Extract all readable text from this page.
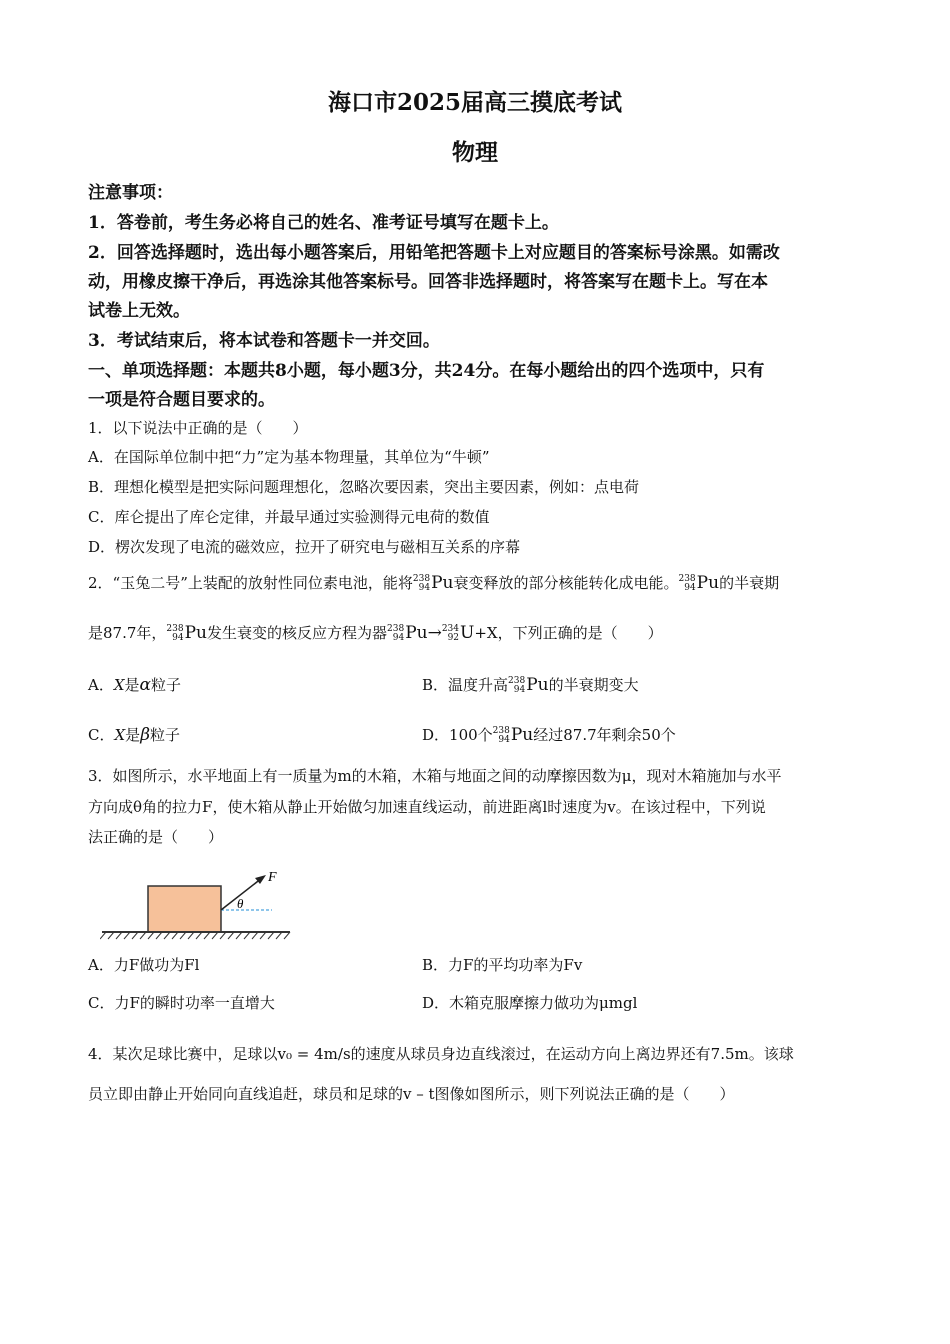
海口市2025届高三摸底考试
物理
注意事项：
1．答卷前，考生务必将自己的姓名、准考证号填写在题卡上。
2．回答选择题时，选出每小题答案后，用铅笔把答题卡上对应题目的答案标号涂黑。如需改
动，用橡皮擦干净后，再选涂其他答案标号。回答非选择题时，将答案写在题卡上。写在本
试卷上无效。
3．考试结束后，将本试卷和答题卡一并交回。
一、单项选择题：本题共8小题，每小题3分，共24分。在每小题给出的四个选项中，只有
一项是符合题目要求的。
1．以下说法中正确的是（　　）
A．在国际单位制中把“力”定为基本物理量，其单位为“牛顿”
B．理想化模型是把实际问题理想化，忽略次要因素，突出主要因素，例如：点电荷
C．库仑提出了库仑定律，并最早通过实验测得元电荷的数值
D．楞次发现了电流的磁效应，拉开了研究电与磁相互关系的序幕
2．“玉兔二号”上装配的放射性同位素电池，能将 238
94 Pu衰变释放的部分核能转化成电能。 238
94 Pu的半衰期
是87.7年， 238
94 Pu发生衰变的核反应方程为器 238
94 Pu→ 234
92 U+X，下列正确的是（　　）
A．X是α粒子	B．温度升高 238
94 Pu的半衰期变大
C．X是β粒子	D．100个 238
94 Pu经过87.7年剩余50个
3．如图所示，水平地面上有一质量为m的木箱，木箱与地面之间的动摩擦因数为μ，现对木箱施加与水平
方向成θ角的拉力F，使木箱从静止开始做匀加速直线运动，前进距离l时速度为v。在该过程中，下列说
法正确的是（　　）
F
θ
A．力F做功为Fl	B．力F的平均功率为Fv
C．力F的瞬时功率一直增大	D．木箱克服摩擦力做功为μmgl
4．某次足球比赛中，足球以v₀ = 4m/s的速度从球员身边直线滚过，在运动方向上离边界还有7.5m。该球
员立即由静止开始同向直线追赶，球员和足球的v – t图像如图所示，则下列说法正确的是（　　）
